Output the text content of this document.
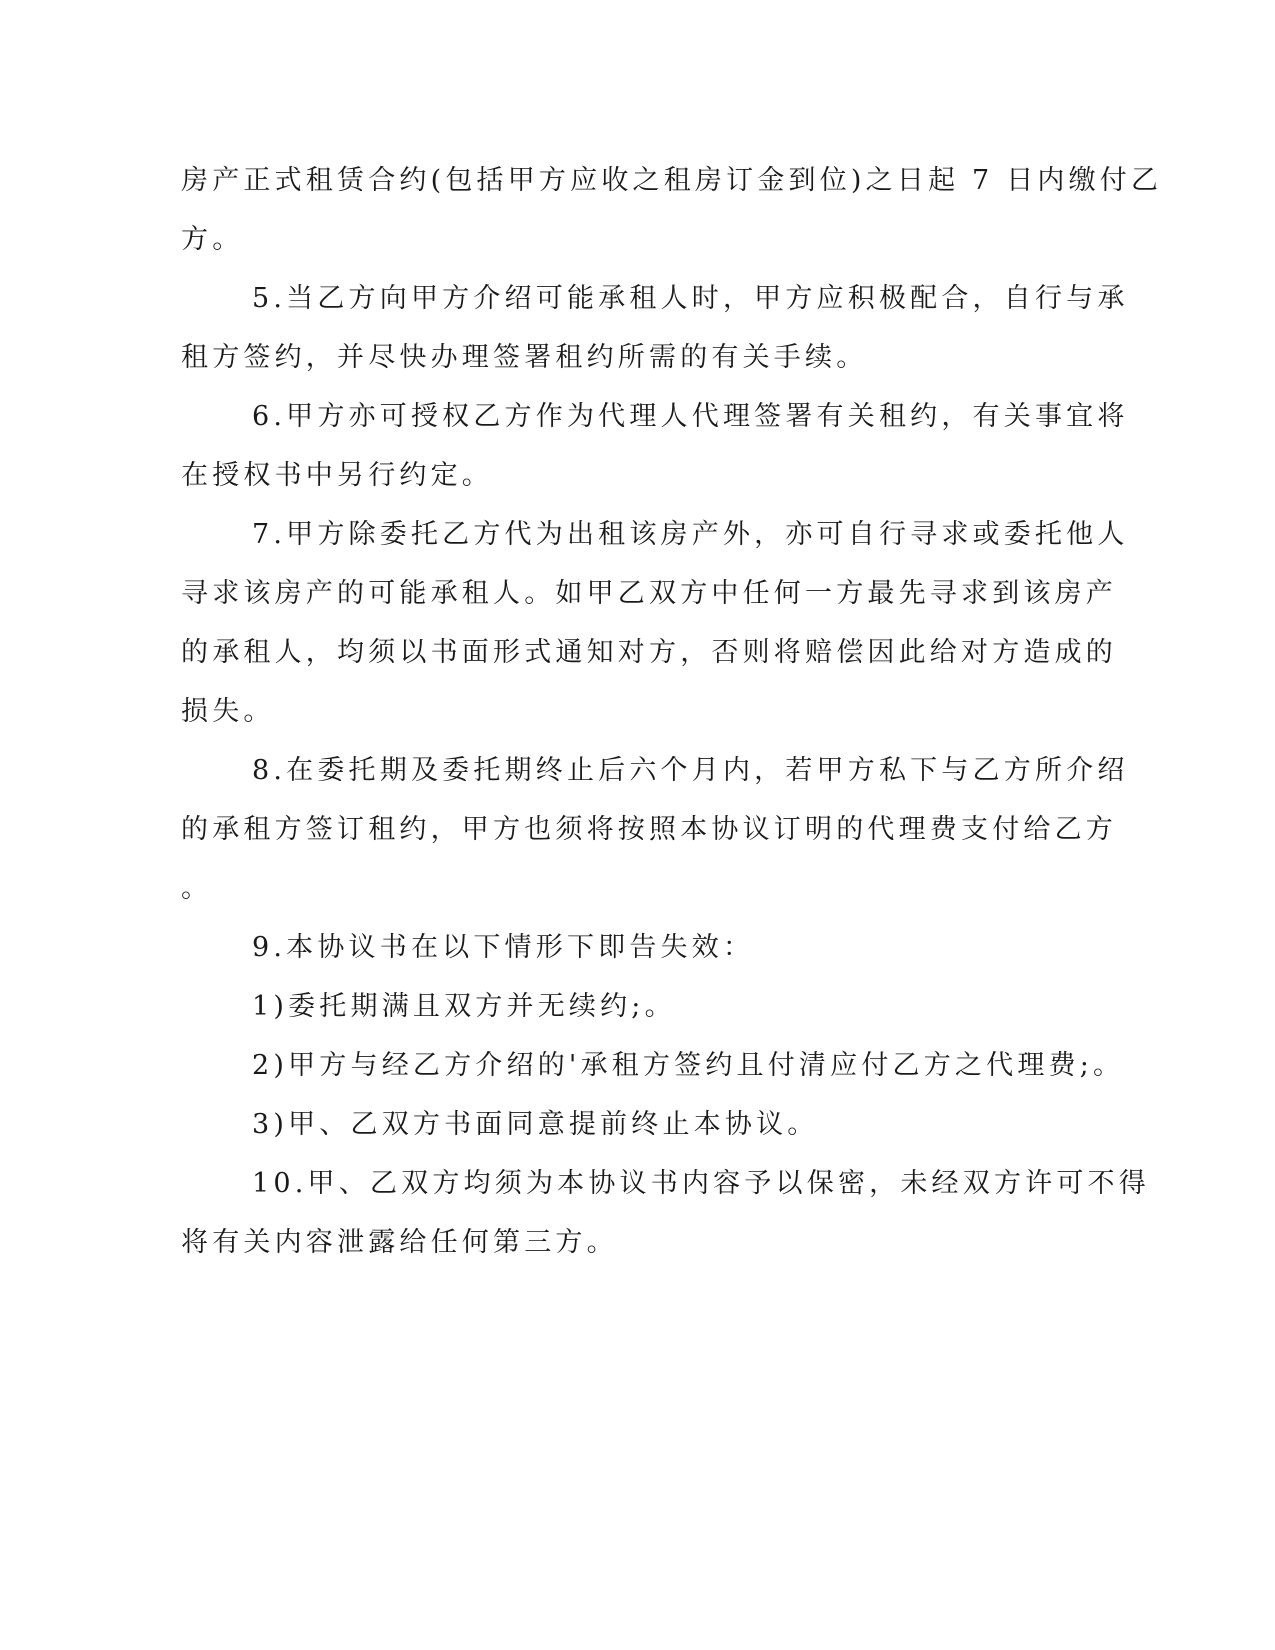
房产正式租赁合约(包括甲方应收之租房订金到位)之日起 7 日内缴付乙
方。
5.当乙方向甲方介绍可能承租人时，甲方应积极配合，自行与承
租方签约，并尽快办理签署租约所需的有关手续。
6.甲方亦可授权乙方作为代理人代理签署有关租约，有关事宜将
在授权书中另行约定。
7.甲方除委托乙方代为出租该房产外，亦可自行寻求或委托他人
寻求该房产的可能承租人。如甲乙双方中任何一方最先寻求到该房产
的承租人，均须以书面形式通知对方，否则将赔偿因此给对方造成的
损失。
8.在委托期及委托期终止后六个月内，若甲方私下与乙方所介绍
的承租方签订租约，甲方也须将按照本协议订明的代理费支付给乙方
。
9.本协议书在以下情形下即告失效：
1)委托期满且双方并无续约;。
2)甲方与经乙方介绍的'承租方签约且付清应付乙方之代理费;。
3)甲、乙双方书面同意提前终止本协议。
10.甲、乙双方均须为本协议书内容予以保密，未经双方许可不得
将有关内容泄露给任何第三方。
